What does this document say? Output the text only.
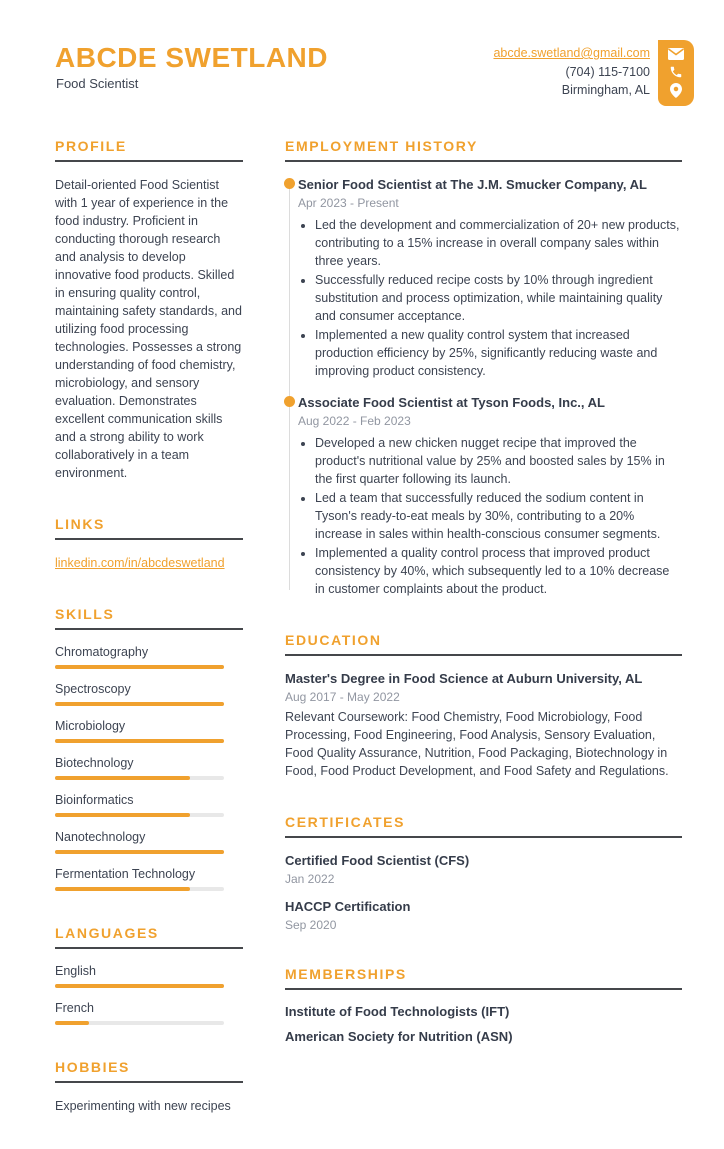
ABCDE SWETLAND
Food Scientist
abcde.swetland@gmail.com
(704) 115-7100
Birmingham, AL
PROFILE

Detail-oriented Food Scientist with 1 year of experience in the food industry. Proficient in conducting thorough research and analysis to develop innovative food products. Skilled in ensuring quality control, maintaining safety standards, and utilizing food processing technologies. Possesses a strong understanding of food chemistry, microbiology, and sensory evaluation. Demonstrates excellent communication skills and a strong ability to work collaboratively in a team environment.

LINKS
linkedin.com/in/abcdeswetland
SKILLS
Chromatography
Spectroscopy
Microbiology
Biotechnology
Bioinformatics
Nanotechnology
Fermentation Technology
LANGUAGES
English
French
HOBBIES

Experimenting with new recipes

EMPLOYMENT HISTORY
Senior Food Scientist at The J.M. Smucker Company, AL
Apr 2023 - Present
• Led the development and commercialization of 20+ new products, contributing to a 15% increase in overall company sales within three years.
• Successfully reduced recipe costs by 10% through ingredient substitution and process optimization, while maintaining quality and consumer acceptance.
• Implemented a new quality control system that increased production efficiency by 25%, significantly reducing waste and improving product consistency.
Associate Food Scientist at Tyson Foods, Inc., AL
Aug 2022 - Feb 2023
• Developed a new chicken nugget recipe that improved the product's nutritional value by 25% and boosted sales by 15% in the first quarter following its launch.
• Led a team that successfully reduced the sodium content in Tyson's ready-to-eat meals by 30%, contributing to a 20% increase in sales within health-conscious consumer segments.
• Implemented a quality control process that improved product consistency by 40%, which subsequently led to a 10% decrease in customer complaints about the product.
EDUCATION
Master's Degree in Food Science at Auburn University, AL
Aug 2017 - May 2022

Relevant Coursework: Food Chemistry, Food Microbiology, Food Processing, Food Engineering, Food Analysis, Sensory Evaluation, Food Quality Assurance, Nutrition, Food Packaging, Biotechnology in Food, Food Product Development, and Food Safety and Regulations.

CERTIFICATES
Certified Food Scientist (CFS)
Jan 2022
HACCP Certification
Sep 2020
MEMBERSHIPS
Institute of Food Technologists (IFT)
American Society for Nutrition (ASN)
